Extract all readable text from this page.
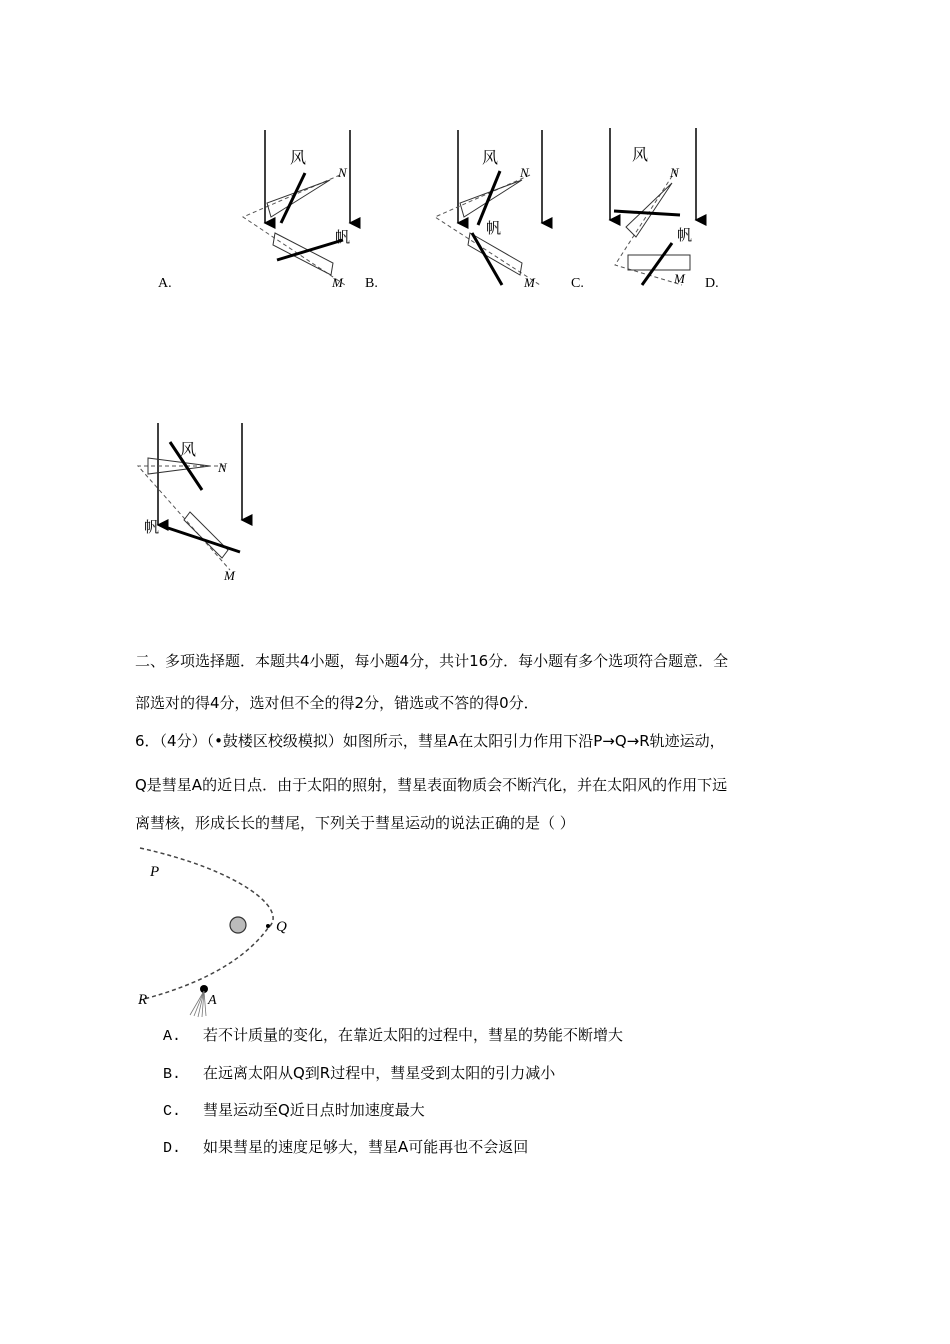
风
帆
N
M
风
帆
N
M
风
帆
N
M
A.	B.	C.	D.
风
帆
N
M
二、多项选择题．本题共4小题，每小题4分，共计16分．每小题有多个选项符合题意．全
部选对的得4分，选对但不全的得2分，错选或不答的得0分．
6．（4分）（•鼓楼区校级模拟）如图所示，彗星A在太阳引力作用下沿P→Q→R轨迹运动，
Q是彗星A的近日点．由于太阳的照射，彗星表面物质会不断汽化，并在太阳风的作用下远
离彗核，形成长长的彗尾，下列关于彗星运动的说法正确的是（ ）
P
Q
R	A
A. 若不计质量的变化，在靠近太阳的过程中，彗星的势能不断增大
B. 在远离太阳从Q到R过程中，彗星受到太阳的引力减小
C. 彗星运动至Q近日点时加速度最大
D. 如果彗星的速度足够大，彗星A可能再也不会返回
